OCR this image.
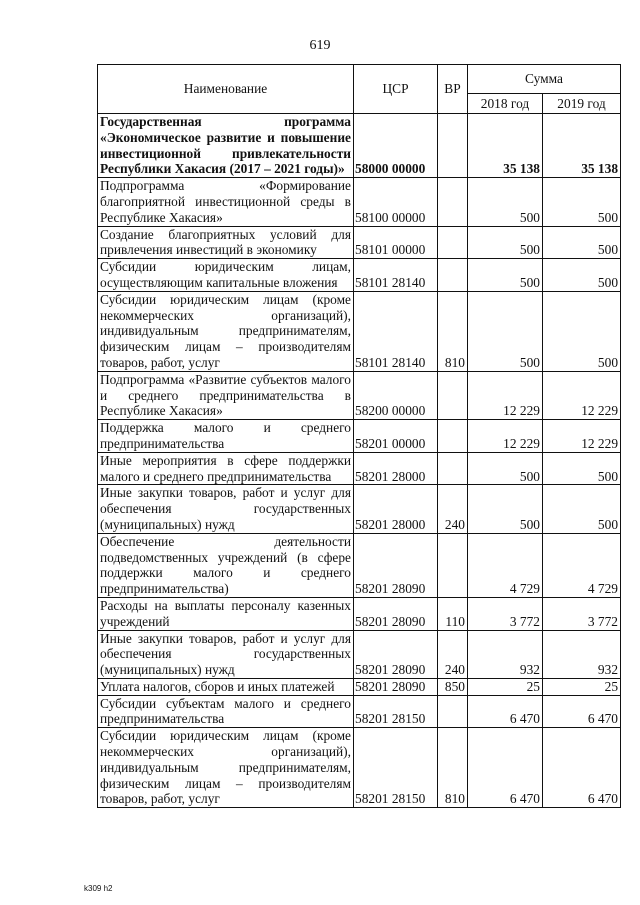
619
Наименование	ЦСР	ВР	Сумма	
			2018 год	2019 год
Государственная программа «Экономическое развитие и повышение инвестиционной привлекательности Республики Хакасия (2017 – 2021 годы)»	58000 00000		35 138	35 138
Подпрограмма «Формирование благоприятной инвестиционной среды в Республике Хакасия»	58100 00000		500	500
Создание благоприятных условий для привлечения инвестиций в экономику	58101 00000		500	500
Субсидии юридическим лицам, осуществляющим капитальные вложения	58101 28140		500	500
Субсидии юридическим лицам (кроме некоммерческих организаций), индивидуальным предпринимателям, физическим лицам – производителям товаров, работ, услуг	58101 28140	810	500	500
Подпрограмма «Развитие субъектов малого и среднего предпринимательства в Республике Хакасия»	58200 00000		12 229	12 229
Поддержка малого и среднего предпринимательства	58201 00000		12 229	12 229
Иные мероприятия в сфере поддержки малого и среднего предпринимательства	58201 28000		500	500
Иные закупки товаров, работ и услуг для обеспечения государственных (муниципальных) нужд	58201 28000	240	500	500
Обеспечение деятельности подведомственных учреждений (в сфере поддержки малого и среднего предпринимательства)	58201 28090		4 729	4 729
Расходы на выплаты персоналу казенных учреждений	58201 28090	110	3 772	3 772
Иные закупки товаров, работ и услуг для обеспечения государственных (муниципальных) нужд	58201 28090	240	932	932
Уплата налогов, сборов и иных платежей	58201 28090	850	25	25
Субсидии субъектам малого и среднего предпринимательства	58201 28150		6 470	6 470
Субсидии юридическим лицам (кроме некоммерческих организаций), индивидуальным предпринимателям, физическим лицам – производителям товаров, работ, услуг	58201 28150	810	6 470	6 470
k309 h2
